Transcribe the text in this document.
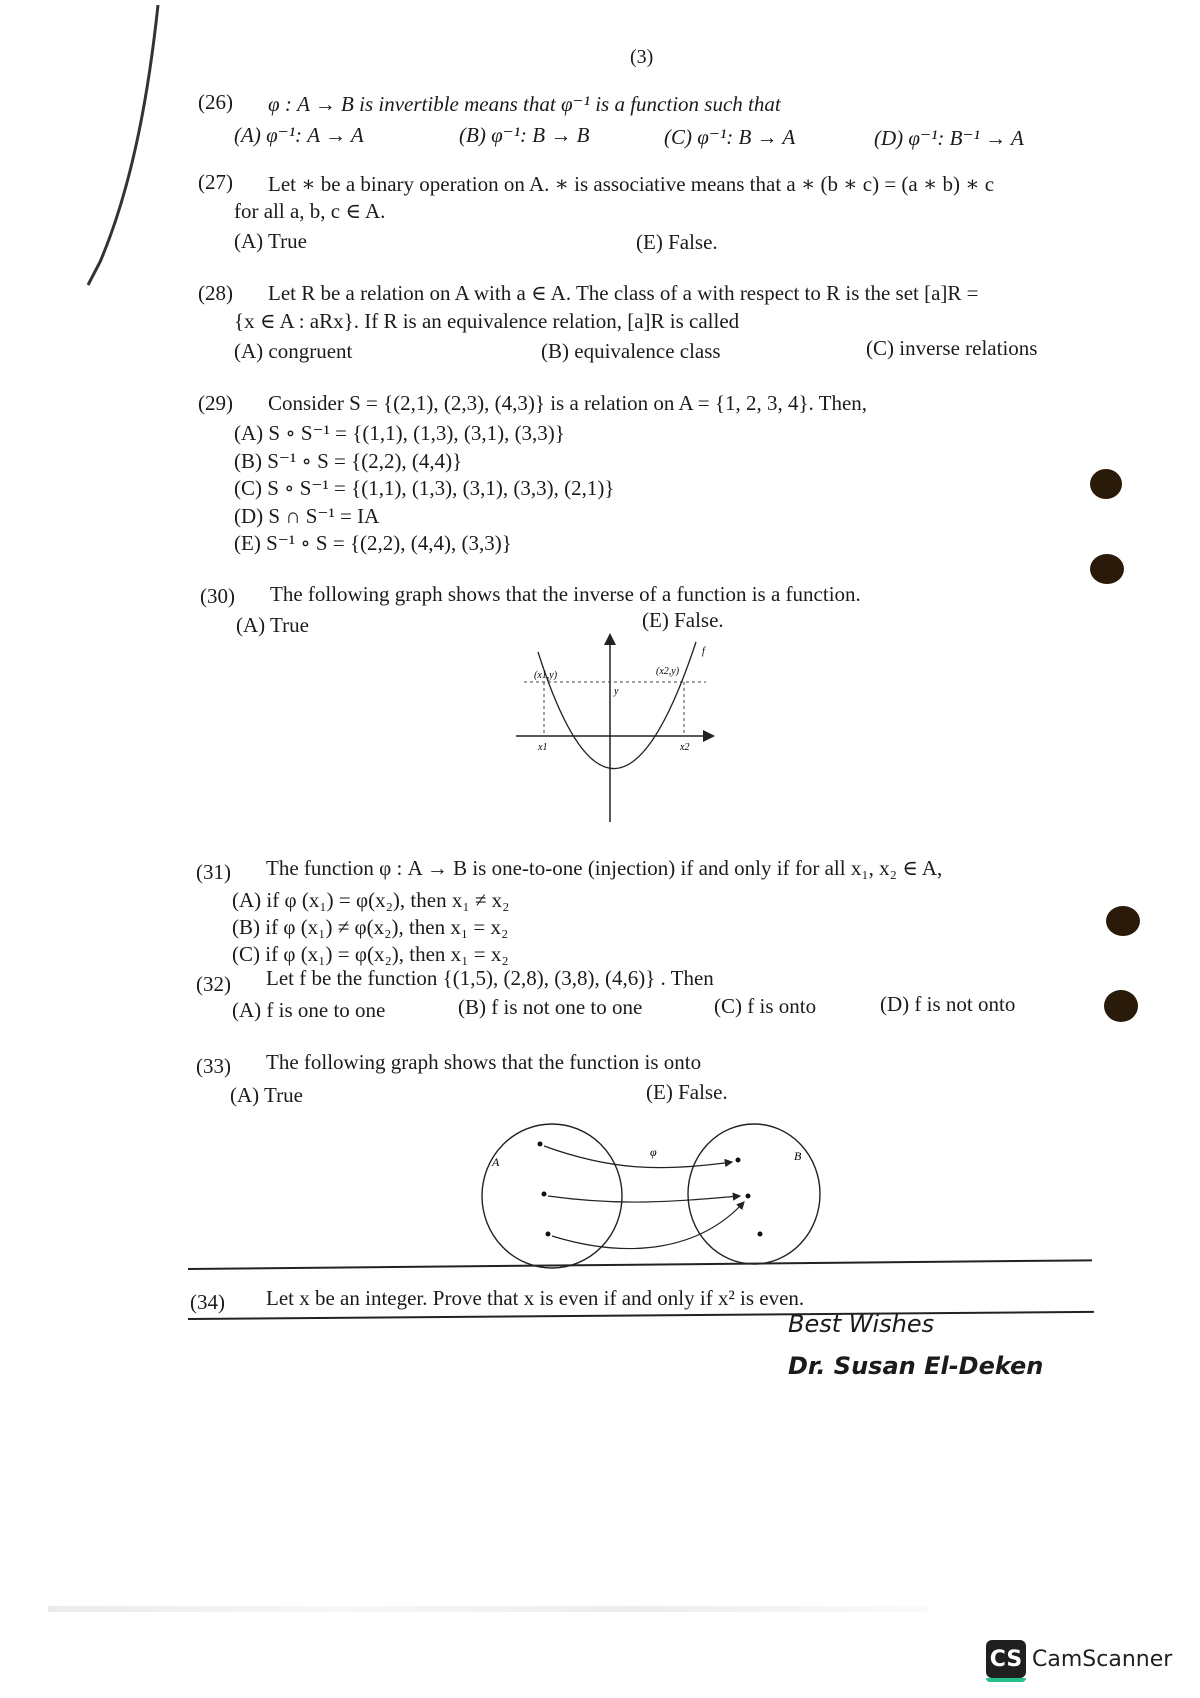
(3)
(26) φ : A → B is invertible means that φ⁻¹ is a function such that
(A) φ⁻¹: A → A	(B) φ⁻¹: B → B	(C) φ⁻¹: B → A	(D) φ⁻¹: B⁻¹ → A
(27) Let ∗ be a binary operation on A. ∗ is associative means that a ∗ (b ∗ c) = (a ∗ b) ∗ c
for all a, b, c ∈ A.
(A) True	(E) False.
(28) Let R be a relation on A with a ∈ A. The class of a with respect to R is the set [a]R =
{x ∈ A : aRx}. If R is an equivalence relation, [a]R is called
(A) congruent	(B) equivalence class	(C) inverse relations
(29) Consider S = {(2,1), (2,3), (4,3)} is a relation on A = {1, 2, 3, 4}. Then,
(A) S ∘ S⁻¹ = {(1,1), (1,3), (3,1), (3,3)}
(B) S⁻¹ ∘ S = {(2,2), (4,4)}
(C) S ∘ S⁻¹ = {(1,1), (1,3), (3,1), (3,3), (2,1)}
(D) S ∩ S⁻¹ = IA
(E) S⁻¹ ∘ S = {(2,2), (4,4), (3,3)}
(30) The following graph shows that the inverse of a function is a function.
(A) True	(E) False.
(x1,y)	(x2,y)
y
x1	x2
f
(31) The function φ : A → B is one-to-one (injection) if and only if for all x₁, x₂ ∈ A,
(A) if φ (x₁) = φ(x₂), then x₁ ≠ x₂
(B) if φ (x₁) ≠ φ(x₂), then x₁ = x₂
(C) if φ (x₁) = φ(x₂), then x₁ = x₂
(32) Let f be the function {(1,5), (2,8), (3,8), (4,6)} . Then
(A) f is one to one	(B) f is not one to one	(C) f is onto	(D) f is not onto
(33) The following graph shows that the function is onto
(A) True	(E) False.
A	B
φ
(34) Let x be an integer. Prove that x is even if and only if x² is even.
Best Wishes
Dr. Susan El-Deken
CS CamScanner
